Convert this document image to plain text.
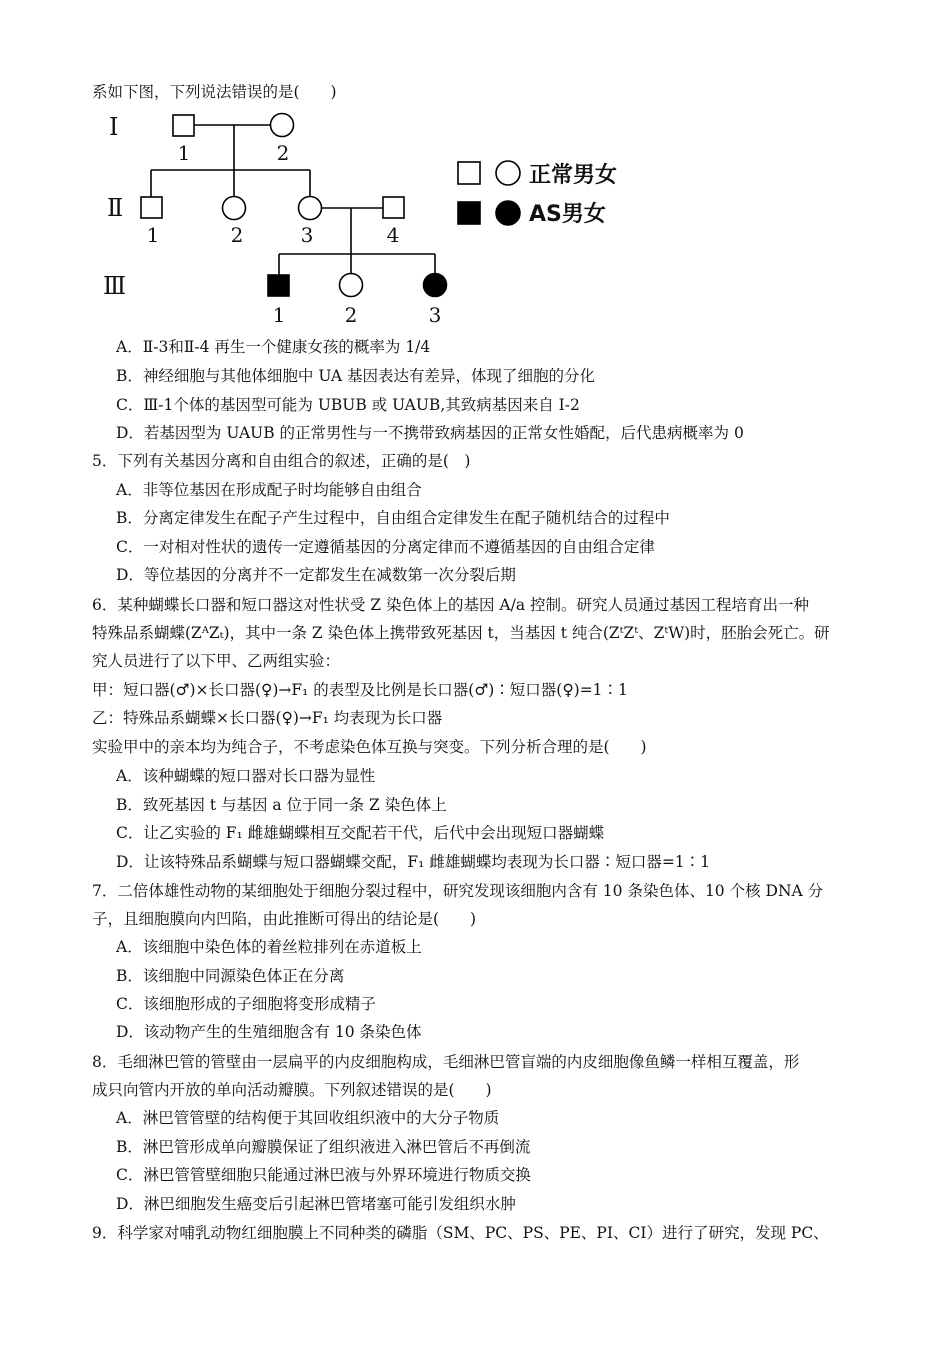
系如下图，下列说法错误的是(　　)
Ⅰ
Ⅱ
Ⅲ
1	2
1	2	3	4
1	2	3
正常男女
AS男女
A．Ⅱ-3和Ⅱ-4 再生一个健康女孩的概率为 1/4
B．神经细胞与其他体细胞中 UA 基因表达有差异，体现了细胞的分化
C．Ⅲ-1个体的基因型可能为 UBUB 或 UAUB,其致病基因来自 I-2
D．若基因型为 UAUB 的正常男性与一不携带致病基因的正常女性婚配，后代患病概率为 0
5．下列有关基因分离和自由组合的叙述，正确的是(　)
A．非等位基因在形成配子时均能够自由组合
B．分离定律发生在配子产生过程中，自由组合定律发生在配子随机结合的过程中
C．一对相对性状的遗传一定遵循基因的分离定律而不遵循基因的自由组合定律
D．等位基因的分离并不一定都发生在减数第一次分裂后期
6．某种蝴蝶长口器和短口器这对性状受 Z 染色体上的基因 A/a 控制。研究人员通过基因工程培育出一种
特殊品系蝴蝶(ZᴬZₜ)，其中一条 Z 染色体上携带致死基因 t，当基因 t 纯合(ZᵗZᵗ、ZᵗW)时，胚胎会死亡。研
究人员进行了以下甲、乙两组实验：
甲：短口器(♂)×长口器(♀)→F₁ 的表型及比例是长口器(♂)∶短口器(♀)=1∶1
乙：特殊品系蝴蝶×长口器(♀)→F₁ 均表现为长口器
实验甲中的亲本均为纯合子，不考虑染色体互换与突变。下列分析合理的是(　　)
A．该种蝴蝶的短口器对长口器为显性
B．致死基因 t 与基因 a 位于同一条 Z 染色体上
C．让乙实验的 F₁ 雌雄蝴蝶相互交配若干代，后代中会出现短口器蝴蝶
D．让该特殊品系蝴蝶与短口器蝴蝶交配，F₁ 雌雄蝴蝶均表现为长口器∶短口器=1∶1
7．二倍体雄性动物的某细胞处于细胞分裂过程中，研究发现该细胞内含有 10 条染色体、10 个核 DNA 分
子，且细胞膜向内凹陷，由此推断可得出的结论是(　　)
A．该细胞中染色体的着丝粒排列在赤道板上
B．该细胞中同源染色体正在分离
C．该细胞形成的子细胞将变形成精子
D．该动物产生的生殖细胞含有 10 条染色体
8．毛细淋巴管的管壁由一层扁平的内皮细胞构成，毛细淋巴管盲端的内皮细胞像鱼鳞一样相互覆盖，形
成只向管内开放的单向活动瓣膜。下列叙述错误的是(　　)
A．淋巴管管壁的结构便于其回收组织液中的大分子物质
B．淋巴管形成单向瓣膜保证了组织液进入淋巴管后不再倒流
C．淋巴管管壁细胞只能通过淋巴液与外界环境进行物质交换
D．淋巴细胞发生癌变后引起淋巴管堵塞可能引发组织水肿
9．科学家对哺乳动物红细胞膜上不同种类的磷脂（SM、PC、PS、PE、PI、CI）进行了研究，发现 PC、
